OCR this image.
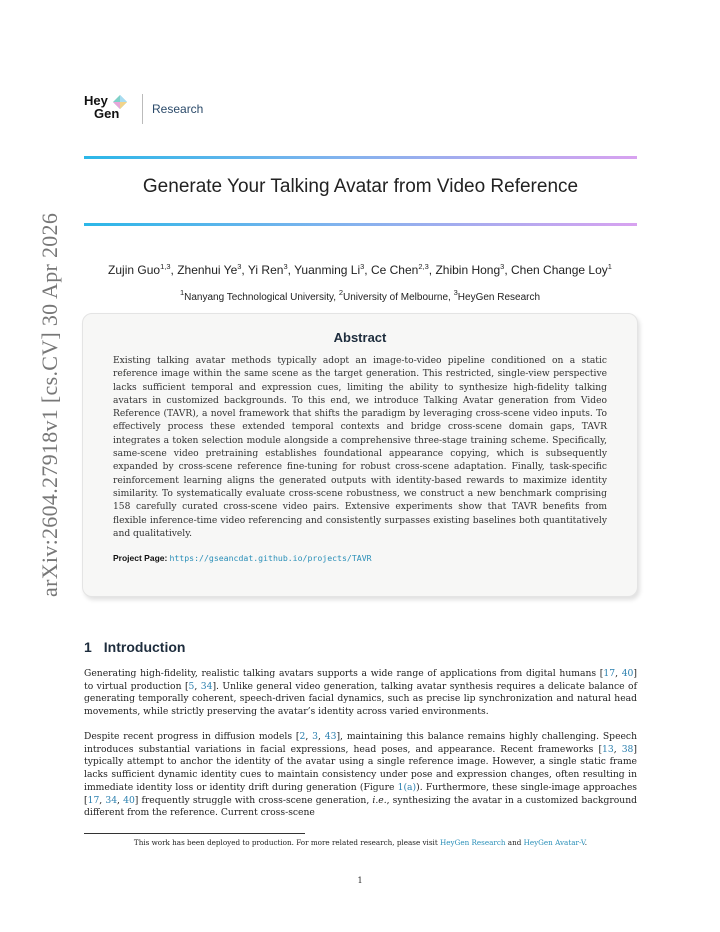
arXiv:2604.27918v1 [cs.CV] 30 Apr 2026
Hey
Gen	Research
Generate Your Talking Avatar from Video Reference
Zujin Guo$^{1,3}$, Zhenhui Ye$^3$, Yi Ren$^3$, Yuanming Li$^3$, Ce Chen$^{2,3}$, Zhibin Hong$^3$, Chen Change Loy$^1$
$^1$Nanyang Technological University, $^2$University of Melbourne, $^3$HeyGen Research
Abstract

Existing talking avatar methods typically adopt an image-to-video pipeline conditioned on a static reference image within the same scene as the target generation. This restricted, single-view perspective lacks sufficient temporal and expression cues, limiting the ability to synthesize high-fidelity talking avatars in customized backgrounds. To this end, we introduce Talking Avatar generation from Video Reference (TAVR), a novel framework that shifts the paradigm by leveraging cross-scene video inputs. To effectively process these extended temporal contexts and bridge cross-scene domain gaps, TAVR integrates a token selection module alongside a comprehensive three-stage training scheme. Specifically, same-scene video pretraining establishes foundational appearance copying, which is subsequently expanded by cross-scene reference fine-tuning for robust cross-scene adaptation. Finally, task-specific reinforcement learning aligns the generated outputs with identity-based rewards to maximize identity similarity. To systematically evaluate cross-scene robustness, we construct a new benchmark comprising 158 carefully curated cross-scene video pairs. Extensive experiments show that TAVR benefits from flexible inference-time video referencing and consistently surpasses existing baselines both quantitatively and qualitatively.

Project Page: https://gseancdat.github.io/projects/TAVR
1 Introduction

Generating high-fidelity, realistic talking avatars supports a wide range of applications from digital humans [17, 40] to virtual production [5, 34]. Unlike general video generation, talking avatar synthesis requires a delicate balance of generating temporally coherent, speech-driven facial dynamics, such as precise lip synchronization and natural head movements, while strictly preserving the avatar’s identity across varied environments.

Despite recent progress in diffusion models [2, 3, 43], maintaining this balance remains highly challenging. Speech introduces substantial variations in facial expressions, head poses, and appearance. Recent frameworks [13, 38] typically attempt to anchor the identity of the avatar using a single reference image. However, a single static frame lacks sufficient dynamic identity cues to maintain consistency under pose and expression changes, often resulting in immediate identity loss or identity drift during generation (Figure 1(a)). Furthermore, these single-image approaches [17, 34, 40] frequently struggle with cross-scene generation, i.e., synthesizing the avatar in a customized background different from the reference. Current cross-scene

This work has been deployed to production. For more related research, please visit HeyGen Research and HeyGen Avatar-V.
1
